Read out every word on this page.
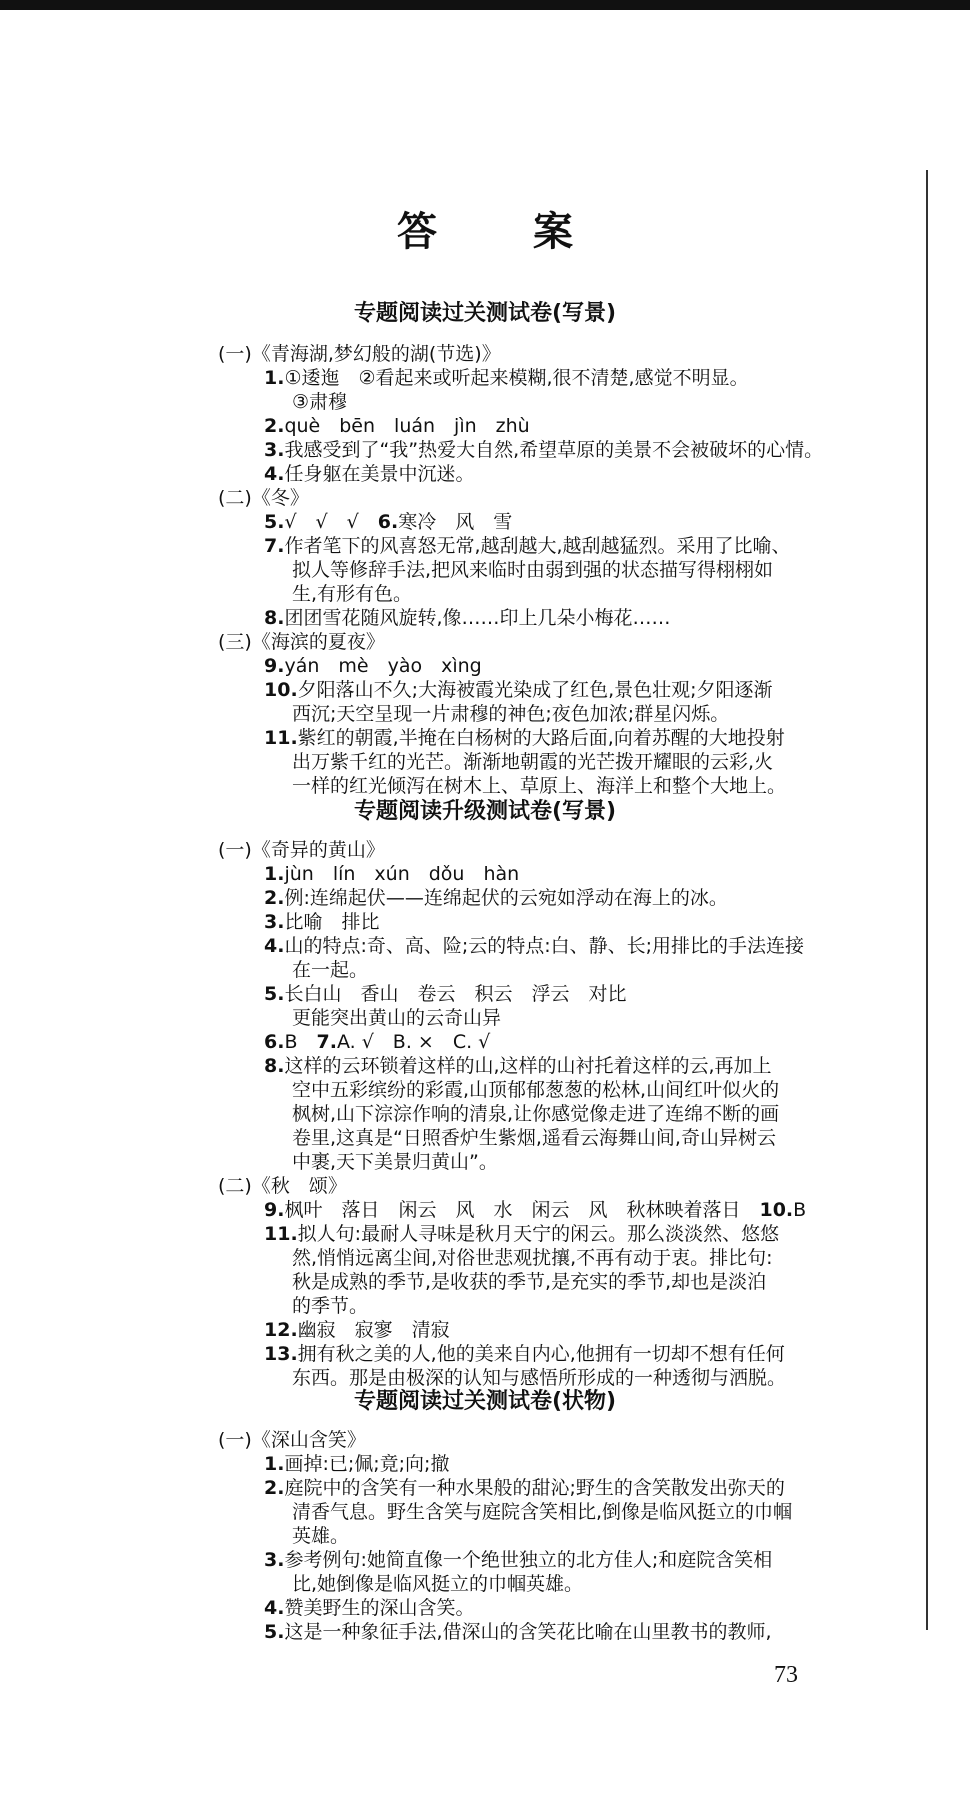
答　案
专题阅读过关测试卷(写景)
(一)《青海湖,梦幻般的湖(节选)》
1.①逶迤　②看起来或听起来模糊,很不清楚,感觉不明显。
③肃穆
2.què　bēn　luán　jìn　zhù
3.我感受到了“我”热爱大自然,希望草原的美景不会被破坏的心情。
4.任身躯在美景中沉迷。
(二)《冬》
5.√　√　√　6.寒冷　风　雪
7.作者笔下的风喜怒无常,越刮越大,越刮越猛烈。采用了比喻、
拟人等修辞手法,把风来临时由弱到强的状态描写得栩栩如
生,有形有色。
8.团团雪花随风旋转,像……印上几朵小梅花……
(三)《海滨的夏夜》
9.yán　mè　yào　xìng
10.夕阳落山不久;大海被霞光染成了红色,景色壮观;夕阳逐渐
西沉;天空呈现一片肃穆的神色;夜色加浓;群星闪烁。
11.紫红的朝霞,半掩在白杨树的大路后面,向着苏醒的大地投射
出万紫千红的光芒。渐渐地朝霞的光芒拨开耀眼的云彩,火
一样的红光倾泻在树木上、草原上、海洋上和整个大地上。
专题阅读升级测试卷(写景)
(一)《奇异的黄山》
1.jùn　lín　xún　dǒu　hàn
2.例:连绵起伏——连绵起伏的云宛如浮动在海上的冰。
3.比喻　排比
4.山的特点:奇、高、险;云的特点:白、静、长;用排比的手法连接
在一起。
5.长白山　香山　卷云　积云　浮云　对比
更能突出黄山的云奇山异
6.B　7.A. √　B. ×　C. √
8.这样的云环锁着这样的山,这样的山衬托着这样的云,再加上
空中五彩缤纷的彩霞,山顶郁郁葱葱的松林,山间红叶似火的
枫树,山下淙淙作响的清泉,让你感觉像走进了连绵不断的画
卷里,这真是“日照香炉生紫烟,遥看云海舞山间,奇山异树云
中裹,天下美景归黄山”。
(二)《秋　颂》
9.枫叶　落日　闲云　风　水　闲云　风　秋林映着落日　10.B
11.拟人句:最耐人寻味是秋月天宁的闲云。那么淡淡然、悠悠
然,悄悄远离尘间,对俗世悲观扰攘,不再有动于衷。排比句:
秋是成熟的季节,是收获的季节,是充实的季节,却也是淡泊
的季节。
12.幽寂　寂寥　清寂
13.拥有秋之美的人,他的美来自内心,他拥有一切却不想有任何
东西。那是由极深的认知与感悟所形成的一种透彻与洒脱。
专题阅读过关测试卷(状物)
(一)《深山含笑》
1.画掉:已;佩;竟;向;撤
2.庭院中的含笑有一种水果般的甜沁;野生的含笑散发出弥天的
清香气息。野生含笑与庭院含笑相比,倒像是临风挺立的巾帼
英雄。
3.参考例句:她简直像一个绝世独立的北方佳人;和庭院含笑相
比,她倒像是临风挺立的巾帼英雄。
4.赞美野生的深山含笑。
5.这是一种象征手法,借深山的含笑花比喻在山里教书的教师,
73
